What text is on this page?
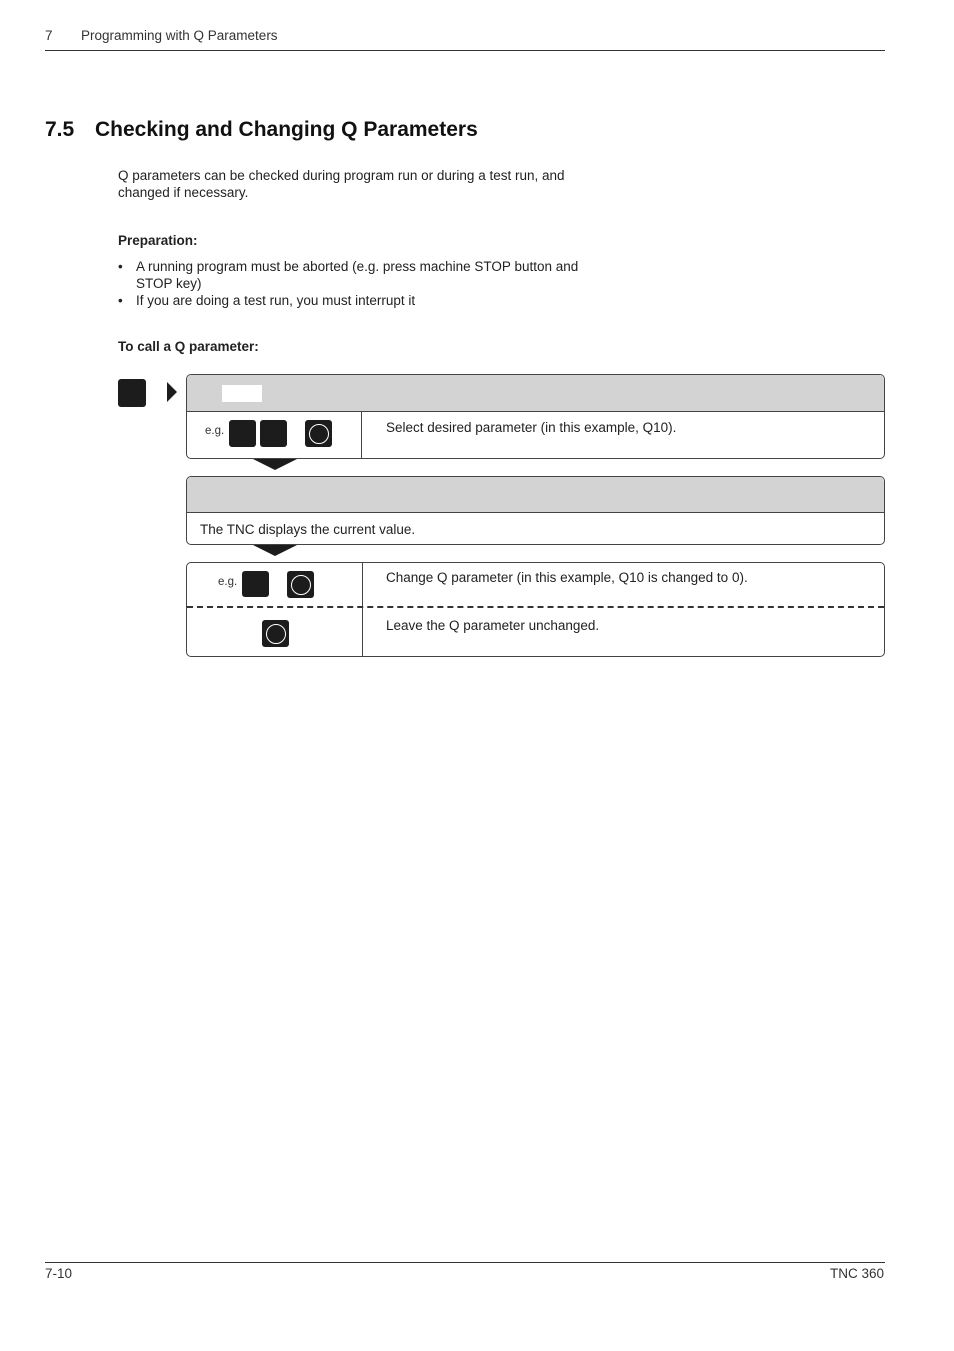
7 Programming with Q Parameters
7.5 Checking and Changing Q Parameters
Q parameters can be checked during program run or during a test run, and changed if necessary.
Preparation:
• A running program must be aborted (e.g. press machine STOP button and STOP key)
• If you are doing a test run, you must interrupt it
To call a Q parameter:
e.g.	Select desired parameter (in this example, Q10).
The TNC displays the current value.
e.g.	Change Q parameter (in this example, Q10 is changed to 0).
Leave the Q parameter unchanged.
7-10	TNC 360
